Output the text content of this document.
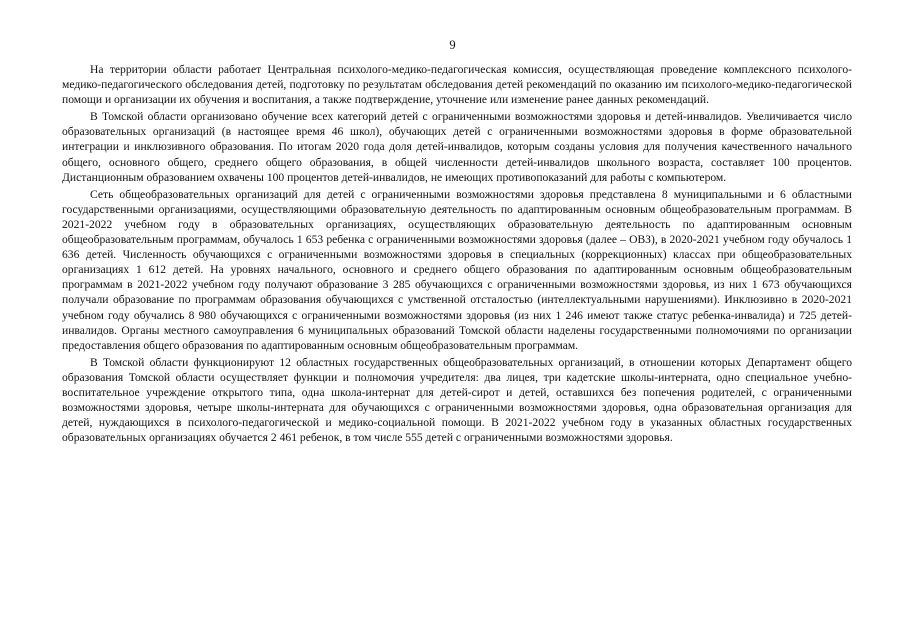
9

На территории области работает Центральная психолого-медико-педагогическая комиссия, осуществляющая проведение комплексного психолого-медико-педагогического обследования детей, подготовку по результатам обследования детей рекомендаций по оказанию им психолого-медико-педагогической помощи и организации их обучения и воспитания, а также подтверждение, уточнение или изменение ранее данных рекомендаций.

В Томской области организовано обучение всех категорий детей с ограниченными возможностями здоровья и детей-инвалидов. Увеличивается число образовательных организаций (в настоящее время 46 школ), обучающих детей с ограниченными возможностями здоровья в форме образовательной интеграции и инклюзивного образования. По итогам 2020 года доля детей-инвалидов, которым созданы условия для получения качественного начального общего, основного общего, среднего общего образования, в общей численности детей-инвалидов школьного возраста, составляет 100 процентов. Дистанционным образованием охвачены 100 процентов детей-инвалидов, не имеющих противопоказаний для работы с компьютером.

Сеть общеобразовательных организаций для детей с ограниченными возможностями здоровья представлена 8 муниципальными и 6 областными государственными организациями, осуществляющими образовательную деятельность по адаптированным основным общеобразовательным программам. В 2021-2022 учебном году в образовательных организациях, осуществляющих образовательную деятельность по адаптированным основным общеобразовательным программам, обучалось 1 653 ребенка с ограниченными возможностями здоровья (далее – ОВЗ), в 2020-2021 учебном году обучалось 1 636 детей. Численность обучающихся с ограниченными возможностями здоровья в специальных (коррекционных) классах при общеобразовательных организациях 1 612 детей. На уровнях начального, основного и среднего общего образования по адаптированным основным общеобразовательным программам в 2021-2022 учебном году получают образование 3 285 обучающихся с ограниченными возможностями здоровья, из них 1 673 обучающихся получали образование по программам образования обучающихся с умственной отсталостью (интеллектуальными нарушениями). Инклюзивно в 2020-2021 учебном году обучались 8 980 обучающихся с ограниченными возможностями здоровья (из них 1 246 имеют также статус ребенка-инвалида) и 725 детей-инвалидов. Органы местного самоуправления 6 муниципальных образований Томской области наделены государственными полномочиями по организации предоставления общего образования по адаптированным основным общеобразовательным программам.

В Томской области функционируют 12 областных государственных общеобразовательных организаций, в отношении которых Департамент общего образования Томской области осуществляет функции и полномочия учредителя: два лицея, три кадетские школы-интерната, одно специальное учебно-воспитательное учреждение открытого типа, одна школа-интернат для детей-сирот и детей, оставшихся без попечения родителей, с ограниченными возможностями здоровья, четыре школы-интерната для обучающихся с ограниченными возможностями здоровья, одна образовательная организация для детей, нуждающихся в психолого-педагогической и медико-социальной помощи. В 2021-2022 учебном году в указанных областных государственных образовательных организациях обучается 2 461 ребенок, в том числе 555 детей с ограниченными возможностями здоровья.
